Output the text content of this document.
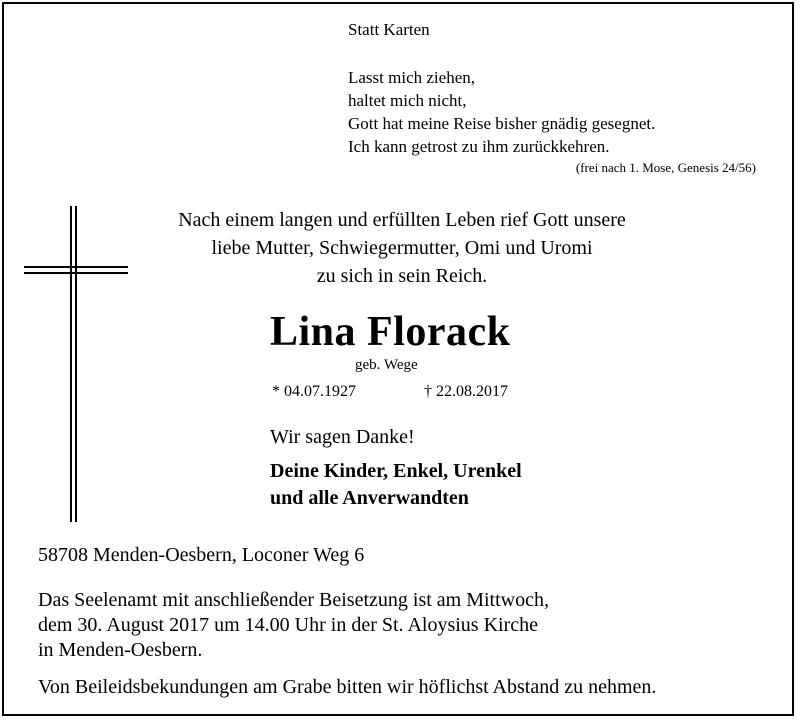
Statt Karten
Lasst mich ziehen,
haltet mich nicht,
Gott hat meine Reise bisher gnädig gesegnet.
Ich kann getrost zu ihm zurückkehren.
(frei nach 1. Mose, Genesis 24/56)
Nach einem langen und erfüllten Leben rief Gott unsere
liebe Mutter, Schwiegermutter, Omi und Uromi
zu sich in sein Reich.
Lina Florack
geb. Wege
* 04.07.1927	† 22.08.2017
Wir sagen Danke!
Deine Kinder, Enkel, Urenkel
und alle Anverwandten
58708 Menden-Oesbern, Loconer Weg 6
Das Seelenamt mit anschließender Beisetzung ist am Mittwoch,
dem 30. August 2017 um 14.00 Uhr in der St. Aloysius Kirche
in Menden-Oesbern.
Von Beileidsbekundungen am Grabe bitten wir höflichst Abstand zu nehmen.
